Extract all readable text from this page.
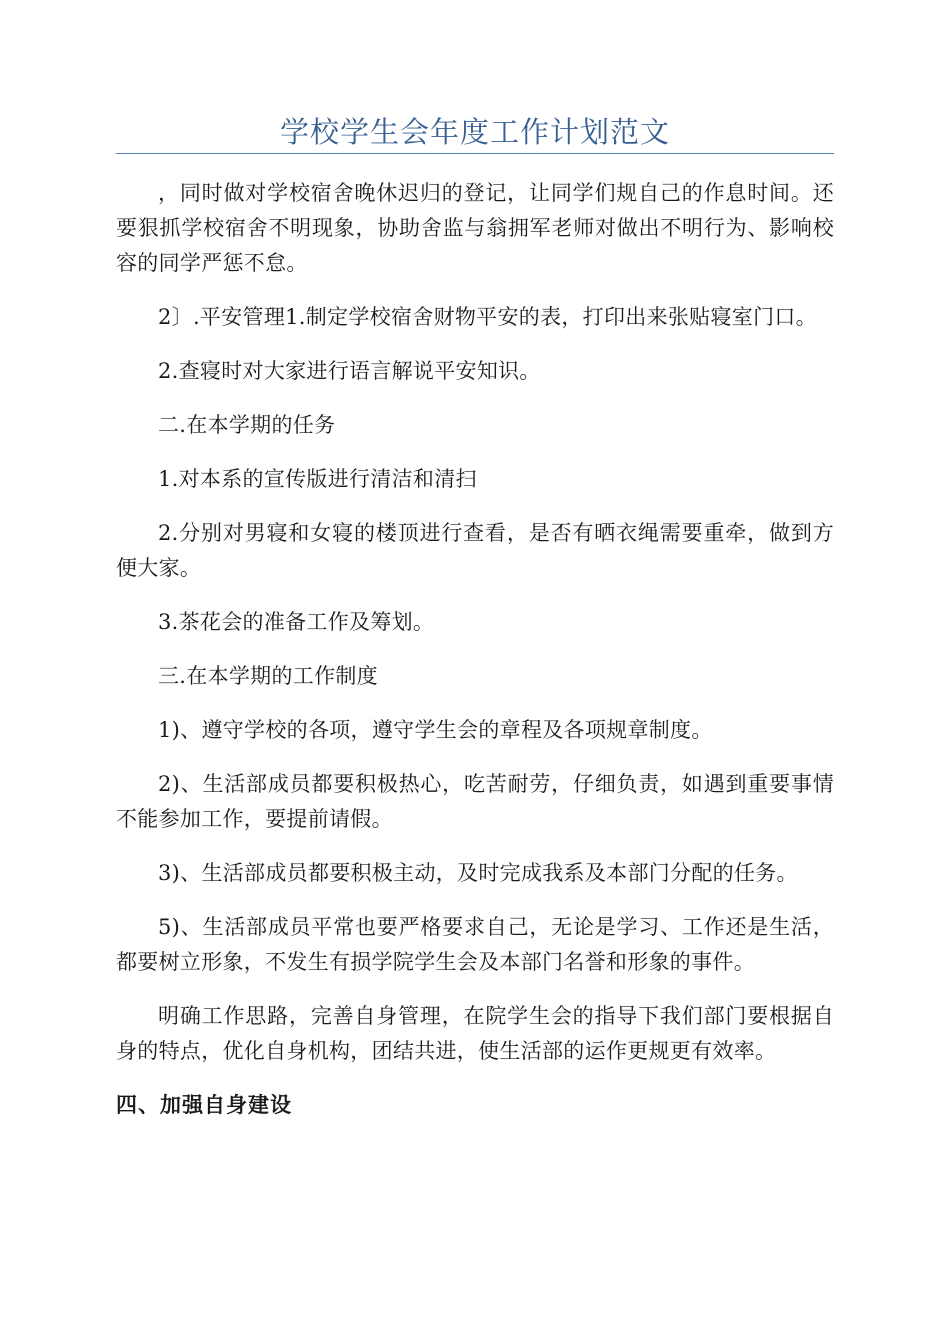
学校学生会年度工作计划范文

，同时做对学校宿舍晚休迟归的登记，让同学们规自己的作息时间。还要狠抓学校宿舍不明现象，协助舍监与翁拥军老师对做出不明行为、影响校容的同学严惩不怠。

2〕.平安管理1.制定学校宿舍财物平安的表，打印出来张贴寝室门口。

2.查寝时对大家进行语言解说平安知识。

二.在本学期的任务

1.对本系的宣传版进行清洁和清扫

2.分别对男寝和女寝的楼顶进行查看，是否有晒衣绳需要重牵，做到方便大家。

3.茶花会的准备工作及筹划。

三.在本学期的工作制度

1)、遵守学校的各项，遵守学生会的章程及各项规章制度。

2)、生活部成员都要积极热心，吃苦耐劳，仔细负责，如遇到重要事情不能参加工作，要提前请假。

3)、生活部成员都要积极主动，及时完成我系及本部门分配的任务。

5)、生活部成员平常也要严格要求自己，无论是学习、工作还是生活，都要树立形象，不发生有损学院学生会及本部门名誉和形象的事件。

明确工作思路，完善自身管理，在院学生会的指导下我们部门要根据自身的特点，优化自身机构，团结共进，使生活部的运作更规更有效率。

四、加强自身建设
